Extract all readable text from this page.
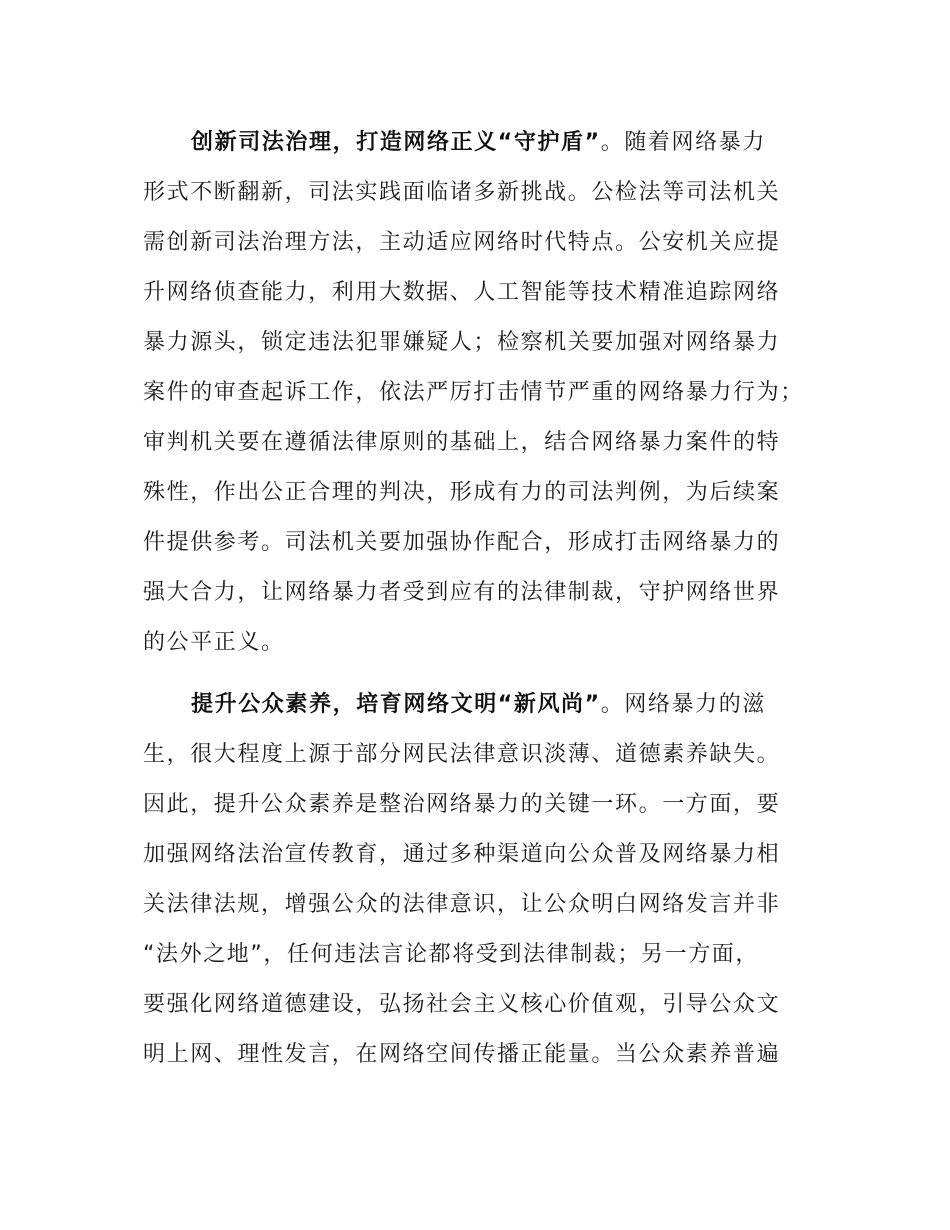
创新司法治理，打造网络正义“守护盾”。随着网络暴力
形式不断翻新，司法实践面临诸多新挑战。公检法等司法机关
需创新司法治理方法，主动适应网络时代特点。公安机关应提
升网络侦查能力，利用大数据、人工智能等技术精准追踪网络
暴力源头，锁定违法犯罪嫌疑人；检察机关要加强对网络暴力
案件的审查起诉工作，依法严厉打击情节严重的网络暴力行为；
审判机关要在遵循法律原则的基础上，结合网络暴力案件的特
殊性，作出公正合理的判决，形成有力的司法判例，为后续案
件提供参考。司法机关要加强协作配合，形成打击网络暴力的
强大合力，让网络暴力者受到应有的法律制裁，守护网络世界
的公平正义。
提升公众素养，培育网络文明“新风尚”。网络暴力的滋
生，很大程度上源于部分网民法律意识淡薄、道德素养缺失。
因此，提升公众素养是整治网络暴力的关键一环。一方面，要
加强网络法治宣传教育，通过多种渠道向公众普及网络暴力相
关法律法规，增强公众的法律意识，让公众明白网络发言并非
“法外之地”，任何违法言论都将受到法律制裁；另一方面，
要强化网络道德建设，弘扬社会主义核心价值观，引导公众文
明上网、理性发言，在网络空间传播正能量。当公众素养普遍
